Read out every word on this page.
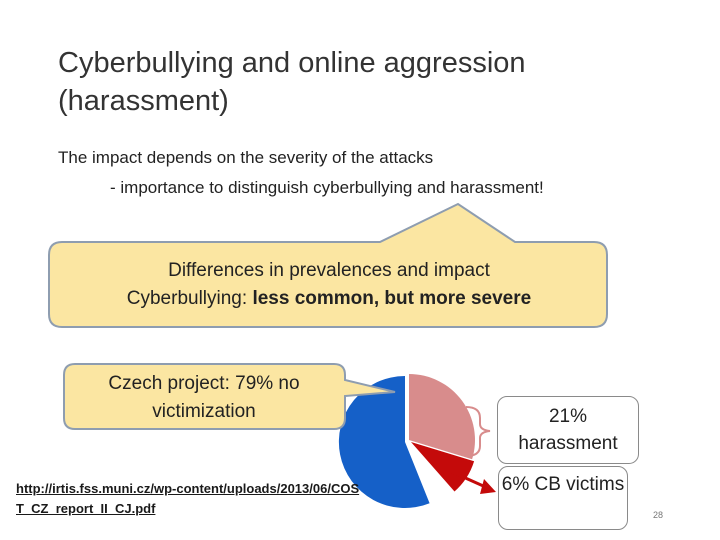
Cyberbullying and online aggression (harassment)
The impact depends on the severity of the attacks
- importance to distinguish cyberbullying and harassment!
Differences in prevalences and impact
Cyberbullying: less common, but more severe
Czech project: 79% no victimization	21% harassment
6% CB victims
http://irtis.fss.muni.cz/wp-content/uploads/2013/06/COST_CZ_report_II_CJ.pdf	28
